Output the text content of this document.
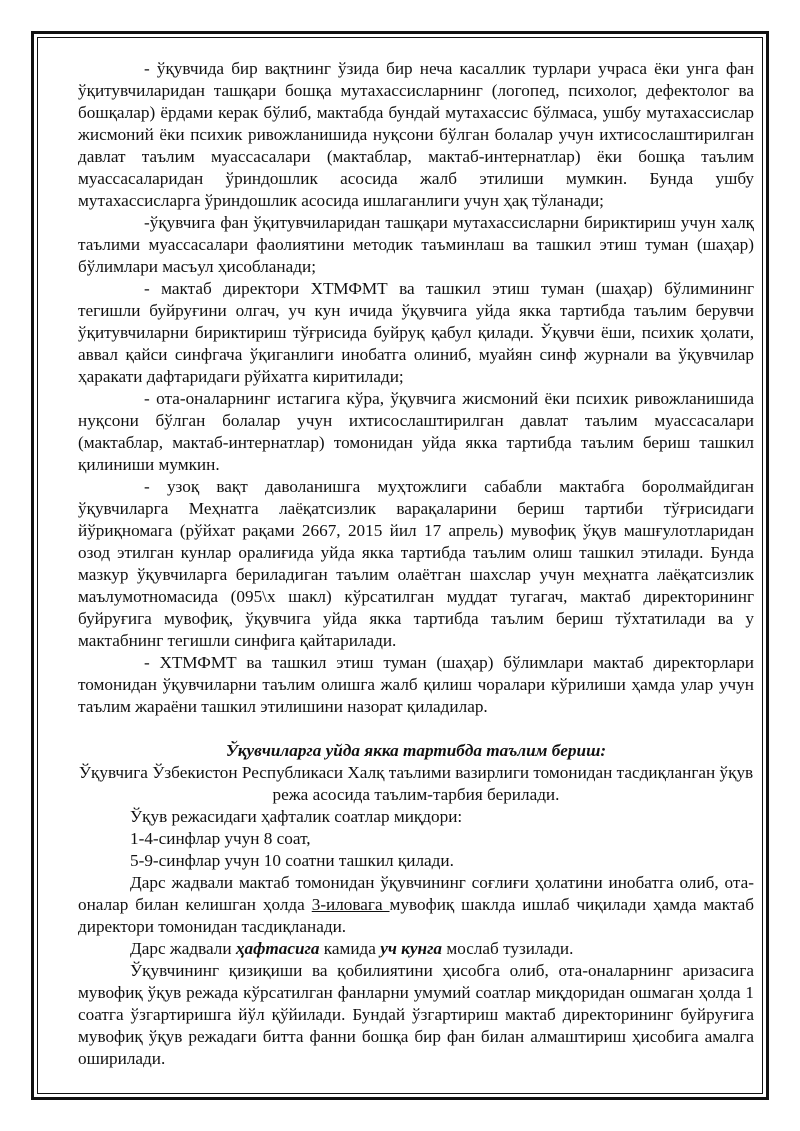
- ўқувчида бир вақтнинг ўзида бир неча касаллик турлари учраса ёки унга фан ўқитувчиларидан ташқари бошқа мутахассисларнинг (логопед, психолог, дефектолог ва бошқалар) ёрдами керак бўлиб, мактабда бундай мутахассис бўлмаса, ушбу мутахассислар жисмоний ёки психик ривожланишида нуқсони бўлган болалар учун ихтисослаштирилган давлат таълим муассасалари (мактаблар, мактаб-интернатлар) ёки бошқа таълим муассасаларидан ўриндошлик асосида жалб этилиши мумкин. Бунда ушбу мутахассисларга ўриндошлик асосида ишлаганлиги учун ҳақ тўланади;

-ўқувчига фан ўқитувчиларидан ташқари мутахассисларни бириктириш учун халқ таълими муассасалари фаолиятини методик таъминлаш ва ташкил этиш туман (шаҳар) бўлимлари масъул ҳисобланади;

- мактаб директори ХТМФМТ ва ташкил этиш туман (шаҳар) бўлимининг тегишли буйруғини олгач, уч кун ичида ўқувчига уйда якка тартибда таълим берувчи ўқитувчиларни бириктириш тўғрисида буйруқ қабул қилади. Ўқувчи ёши, психик ҳолати, аввал қайси синфгача ўқиганлиги инобатга олиниб, муайян синф журнали ва ўқувчилар ҳаракати дафтаридаги рўйхатга киритилади;

- ота-оналарнинг истагига кўра, ўқувчига жисмоний ёки психик ривожланишида нуқсони бўлган болалар учун ихтисослаштирилган давлат таълим муассасалари (мактаблар, мактаб-интернатлар) томонидан уйда якка тартибда таълим бериш ташкил қилиниши мумкин.

- узоқ вақт даволанишга муҳтожлиги сабабли мактабга боролмайдиган ўқувчиларга Меҳнатга лаёқатсизлик варақаларини бериш тартиби тўғрисидаги йўриқномага (рўйхат рақами 2667, 2015 йил 17 апрель) мувофиқ ўқув машғулотларидан озод этилган кунлар оралиғида уйда якка тартибда таълим олиш ташкил этилади. Бунда мазкур ўқувчиларга бериладиган таълим олаётган шахслар учун меҳнатга лаёқатсизлик маълумотномасида (095\х шакл) кўрсатилган муддат тугагач, мактаб директорининг буйруғига мувофиқ, ўқувчига уйда якка тартибда таълим бериш тўхтатилади ва у мактабнинг тегишли синфига қайтарилади.

- ХТМФМТ ва ташкил этиш туман (шаҳар) бўлимлари мактаб директорлари томонидан ўқувчиларни таълим олишга жалб қилиш чоралари кўрилиши ҳамда улар учун таълим жараёни ташкил этилишини назорат қиладилар.

Ўқувчиларга уйда якка тартибда таълим бериш:

Ўқувчига Ўзбекистон Республикаси Халқ таълими вазирлиги томонидан тасдиқланган ўқув режа асосида таълим-тарбия берилади.

Ўқув режасидаги ҳафталик соатлар миқдори:

1-4-синфлар учун 8 соат,

5-9-синфлар учун 10 соатни ташкил қилади.

Дарс жадвали мактаб томонидан ўқувчининг соғлиғи ҳолатини инобатга олиб, ота-оналар билан келишган ҳолда 3-иловага мувофиқ шаклда ишлаб чиқилади ҳамда мактаб директори томонидан тасдиқланади.

Дарс жадвали ҳафтасига камида уч кунга мослаб тузилади.

Ўқувчининг қизиқиши ва қобилиятини ҳисобга олиб, ота-оналарнинг аризасига мувофиқ ўқув режада кўрсатилган фанларни умумий соатлар миқдоридан ошмаган ҳолда 1 соатга ўзгартиришга йўл қўйилади. Бундай ўзгартириш мактаб директорининг буйруғига мувофиқ ўқув режадаги битта фанни бошқа бир фан билан алмаштириш ҳисобига амалга оширилади.
